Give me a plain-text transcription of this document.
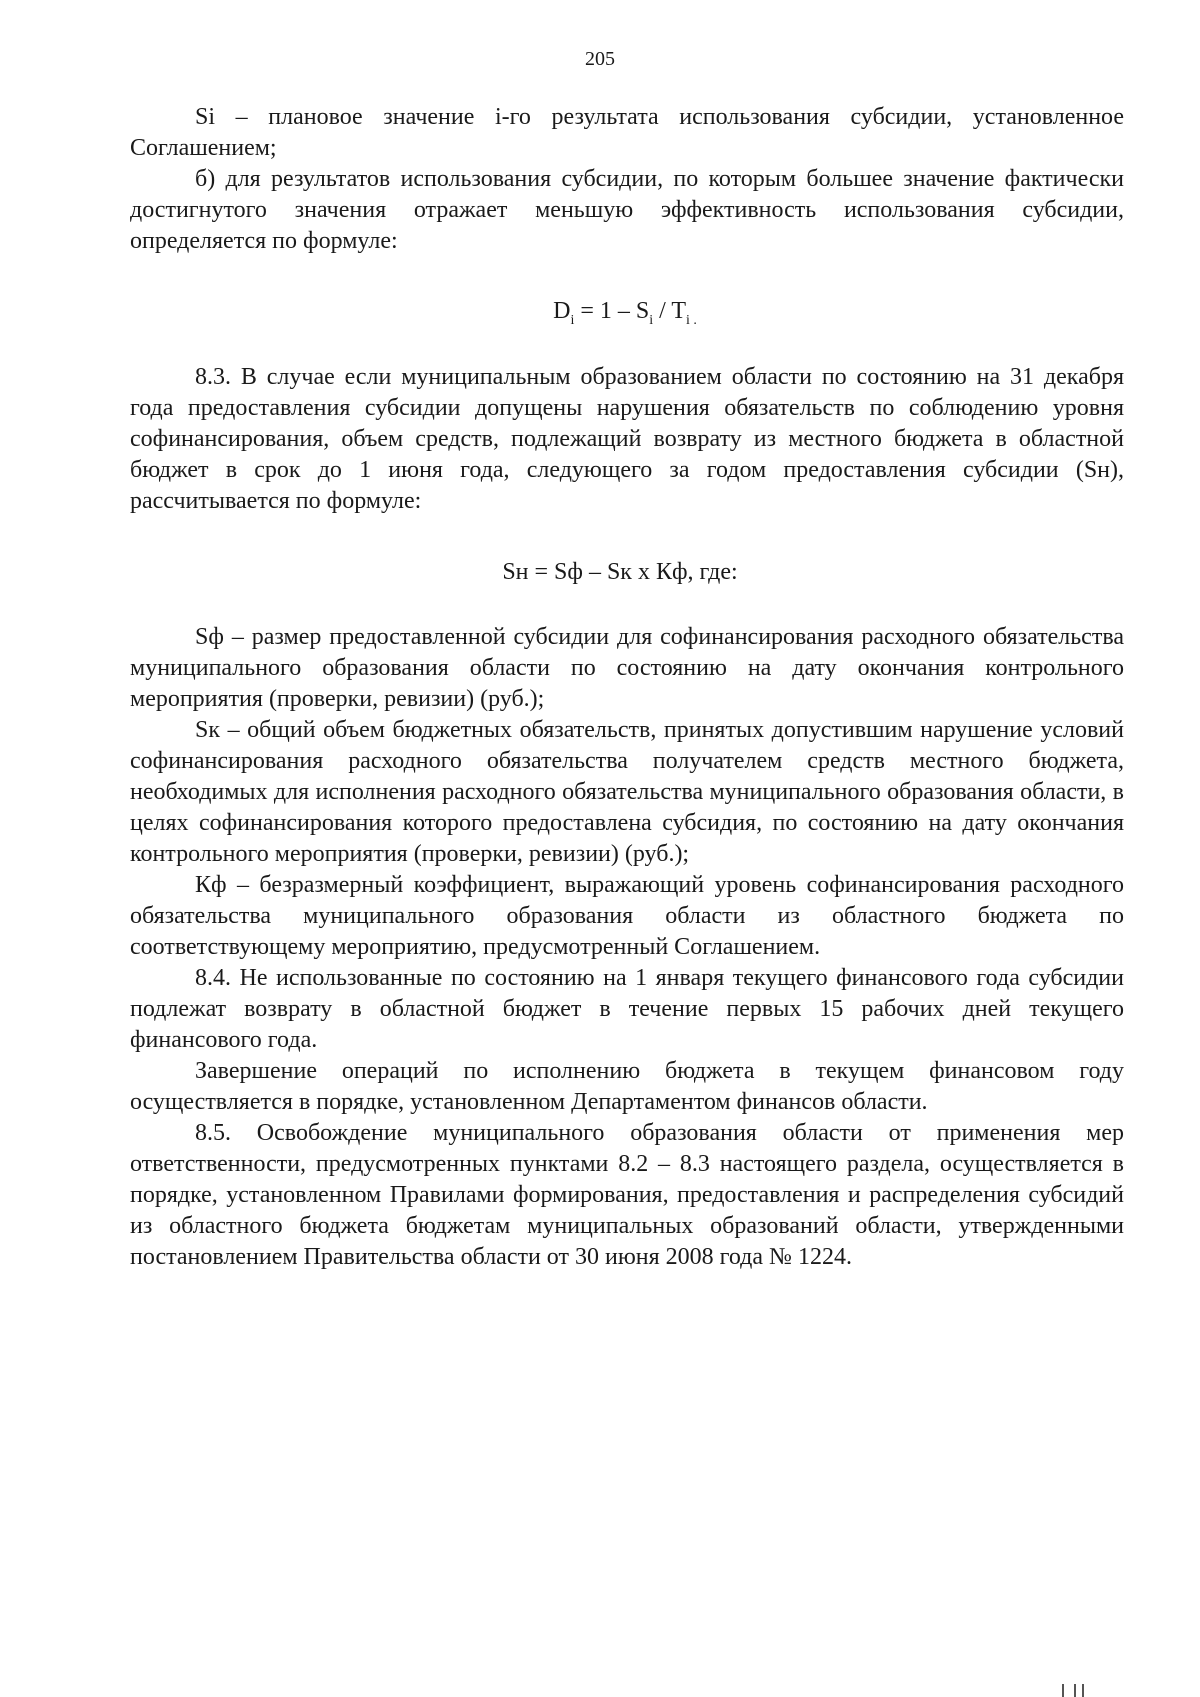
205

Si – плановое значение i-го результата использования субсидии, установленное Соглашением;

б) для результатов использования субсидии, по которым большее значение фактически достигнутого значения отражает меньшую эффективность использования субсидии, определяется по формуле:

$D_i = 1 - S_i / T_{i .}$

8.3. В случае если муниципальным образованием области по состоянию на 31 декабря года предоставления субсидии допущены нарушения обязательств по соблюдению уровня софинансирования, объем средств, подлежащий возврату из местного бюджета в областной бюджет в срок до 1 июня года, следующего за годом предоставления субсидии (Sн), рассчитывается по формуле:

Sн = Sф – Sк х Кф, где:

Sф – размер предоставленной субсидии для софинансирования расходного обязательства муниципального образования области по состоянию на дату окончания контрольного мероприятия (проверки, ревизии) (руб.);

Sк – общий объем бюджетных обязательств, принятых допустившим нарушение условий софинансирования расходного обязательства получателем средств местного бюджета, необходимых для исполнения расходного обязательства муниципального образования области, в целях софинансирования которого предоставлена субсидия, по состоянию на дату окончания контрольного мероприятия (проверки, ревизии) (руб.);

Кф – безразмерный коэффициент, выражающий уровень софинансирования расходного обязательства муниципального образования области из областного бюджета по соответствующему мероприятию, предусмотренный Соглашением.

8.4. Не использованные по состоянию на 1 января текущего финансового года субсидии подлежат возврату в областной бюджет в течение первых 15 рабочих дней текущего финансового года.

Завершение операций по исполнению бюджета в текущем финансовом году осуществляется в порядке, установленном Департаментом финансов области.

8.5. Освобождение муниципального образования области от применения мер ответственности, предусмотренных пунктами 8.2 – 8.3 настоящего раздела, осуществляется в порядке, установленном Правилами формирования, предоставления и распределения субсидий из областного бюджета бюджетам муниципальных образований области, утвержденными постановлением Правительства области от 30 июня 2008 года № 1224.
